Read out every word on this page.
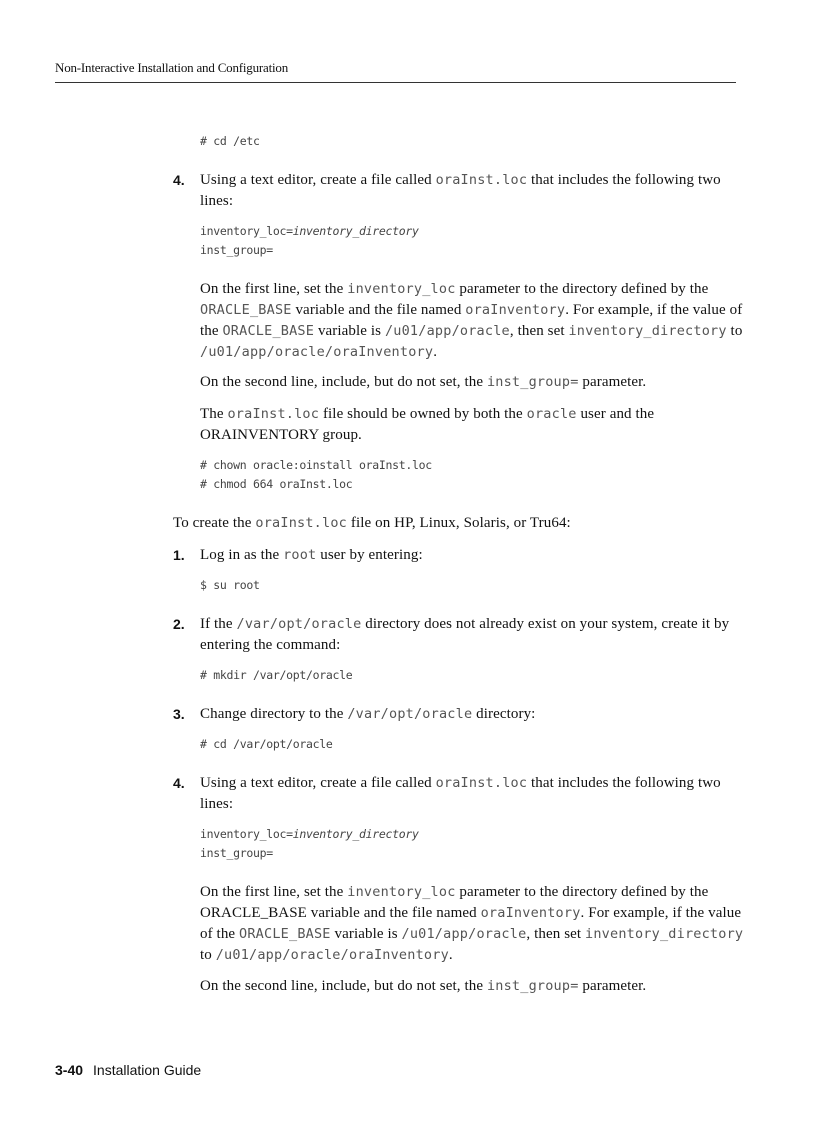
Non-Interactive Installation and Configuration
# cd /etc
4. Using a text editor, create a file called oraInst.loc that includes the following two lines:
inventory_loc=inventory_directory
inst_group=
On the first line, set the inventory_loc parameter to the directory defined by the ORACLE_BASE variable and the file named oraInventory. For example, if the value of the ORACLE_BASE variable is /u01/app/oracle, then set inventory_directory to /u01/app/oracle/oraInventory.
On the second line, include, but do not set, the inst_group= parameter.
The oraInst.loc file should be owned by both the oracle user and the ORAINVENTORY group.
# chown oracle:oinstall oraInst.loc
# chmod 664 oraInst.loc
To create the oraInst.loc file on HP, Linux, Solaris, or Tru64:
1. Log in as the root user by entering:
$ su root
2. If the /var/opt/oracle directory does not already exist on your system, create it by entering the command:
# mkdir /var/opt/oracle
3. Change directory to the /var/opt/oracle directory:
# cd /var/opt/oracle
4. Using a text editor, create a file called oraInst.loc that includes the following two lines:
inventory_loc=inventory_directory
inst_group=
On the first line, set the inventory_loc parameter to the directory defined by the ORACLE_BASE variable and the file named oraInventory. For example, if the value of the ORACLE_BASE variable is /u01/app/oracle, then set inventory_directory to /u01/app/oracle/oraInventory.
On the second line, include, but do not set, the inst_group= parameter.
3-40 Installation Guide
